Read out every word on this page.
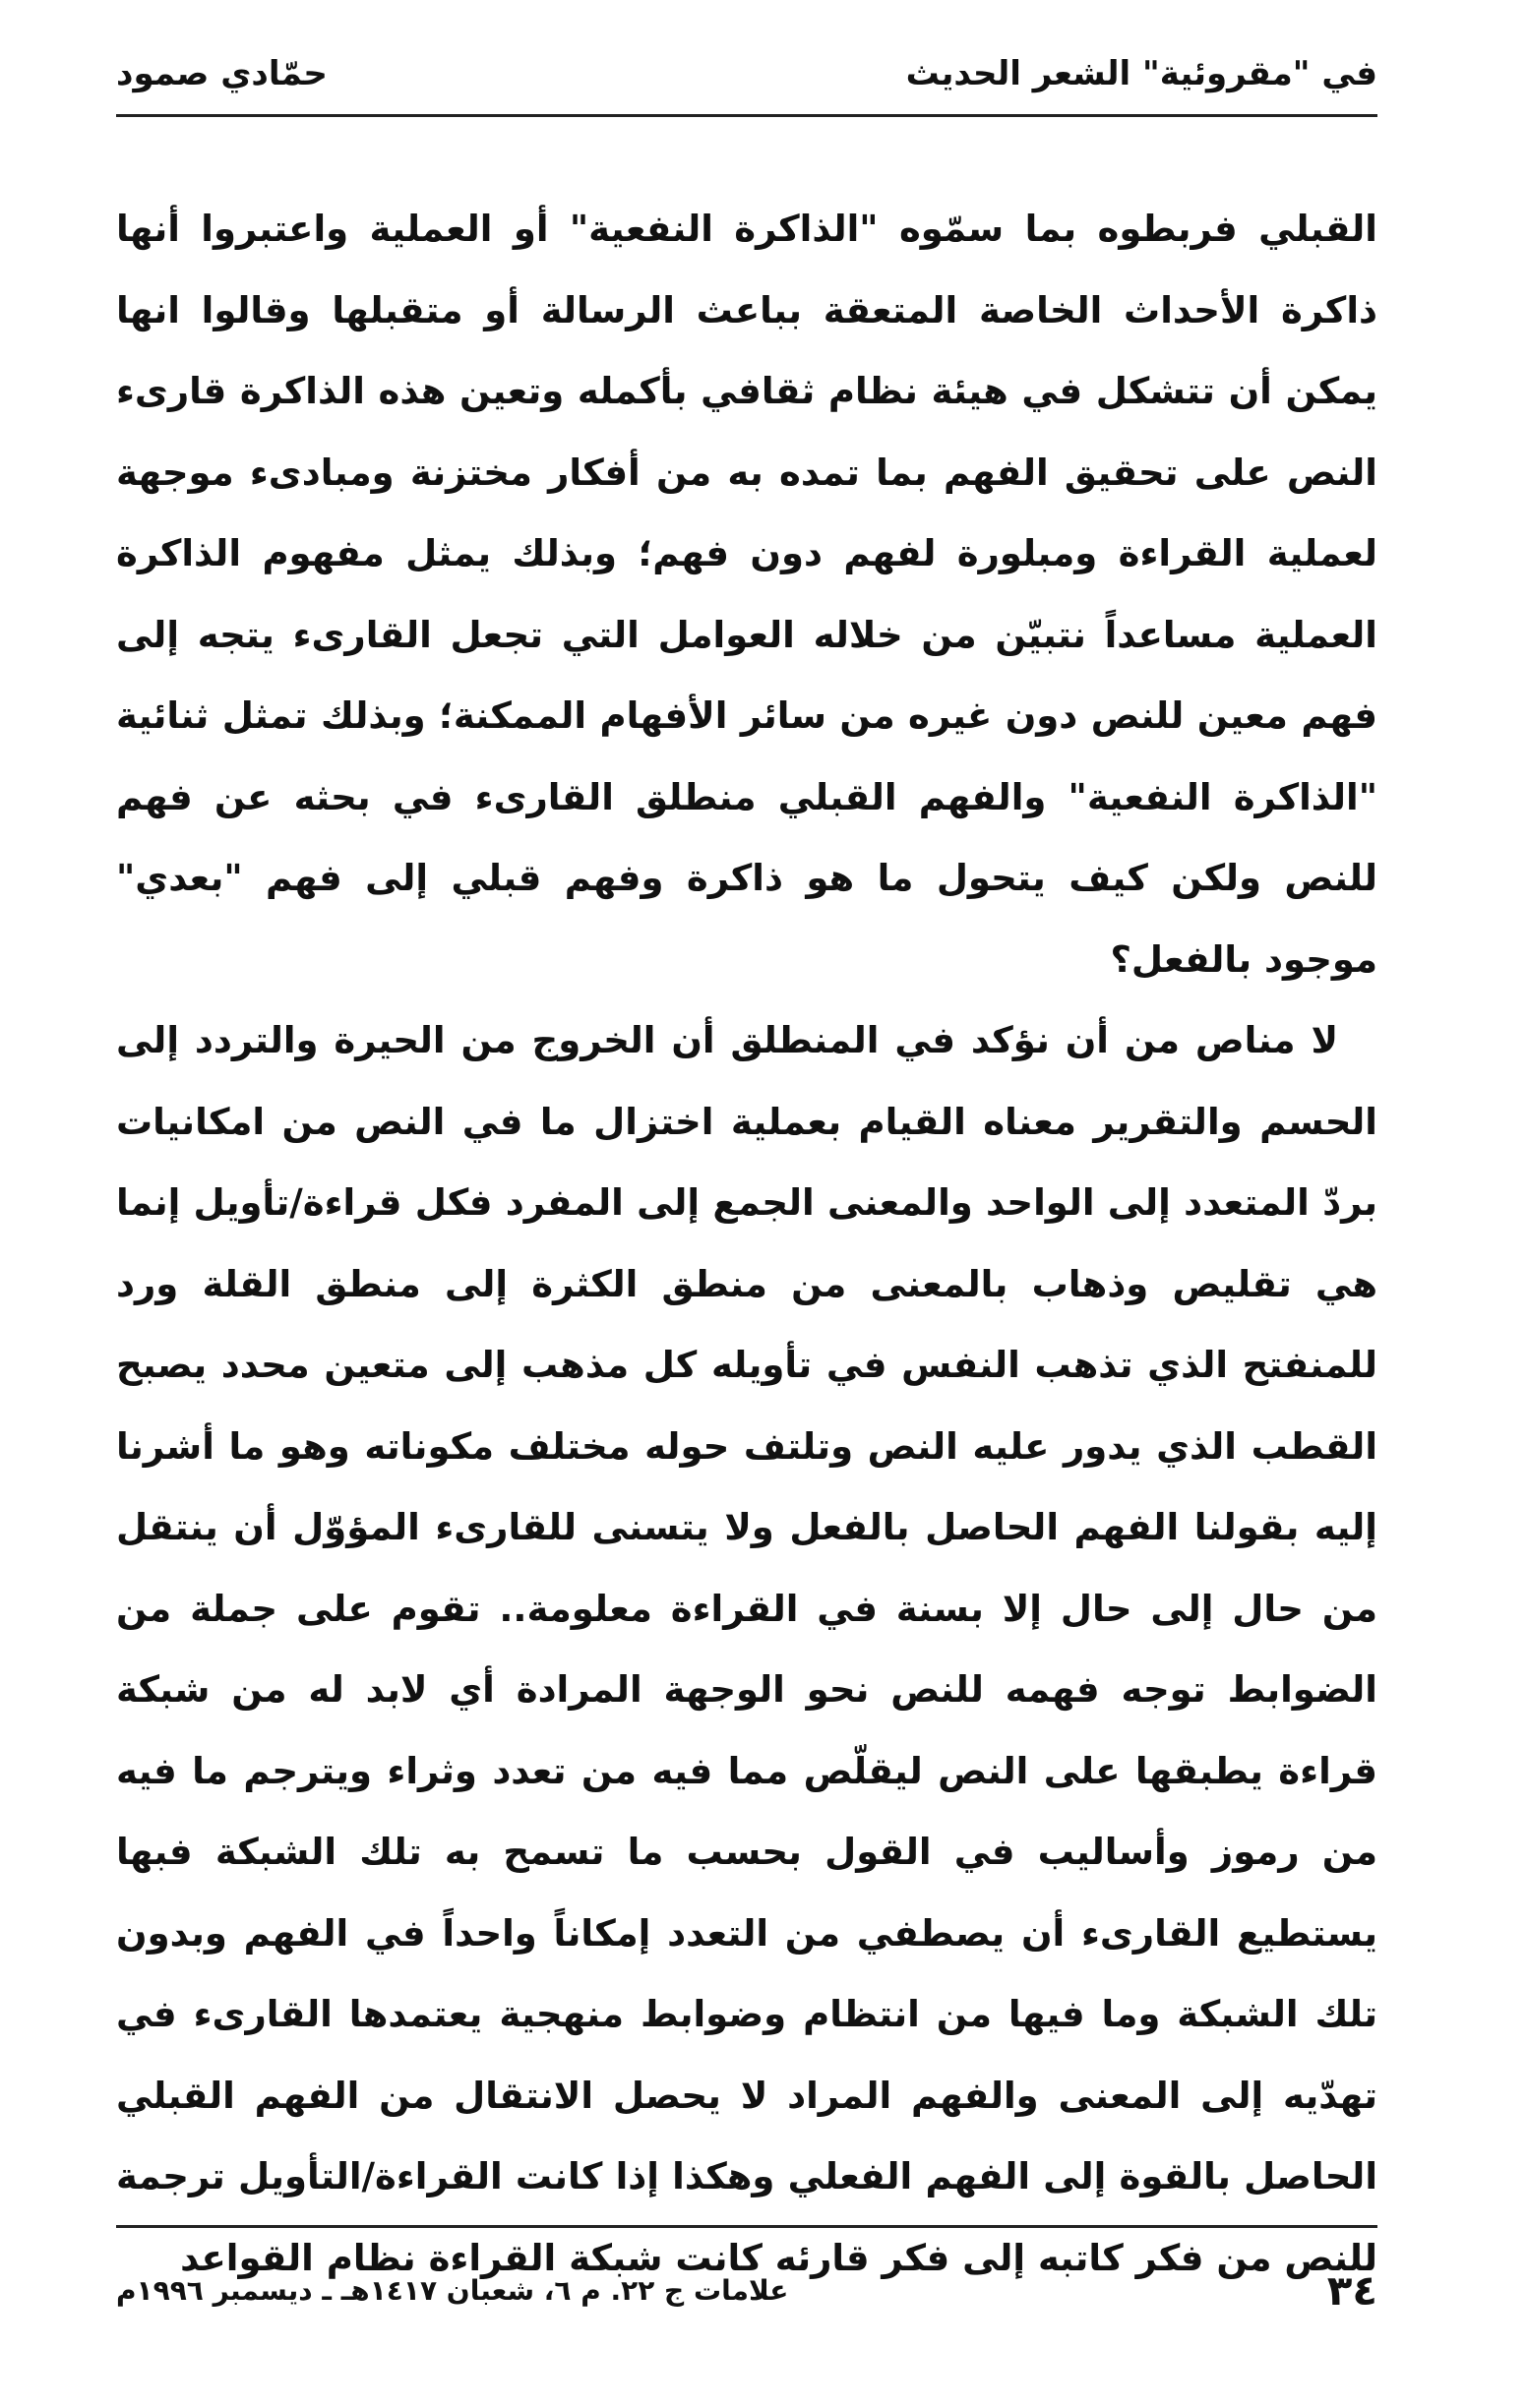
في "مقروئية" الشعر الحديث
حمّادي صمود

القبلي فربطوه بما سمّوه "الذاكرة النفعية" أو العملية واعتبروا أنها ذاكرة الأحداث الخاصة المتعقة بباعث الرسالة أو متقبلها وقالوا انها يمكن أن تتشكل في هيئة نظام ثقافي بأكمله وتعين هذه الذاكرة قارىء النص على تحقيق الفهم بما تمده به من أفكار مختزنة ومبادىء موجهة لعملية القراءة ومبلورة لفهم دون فهم؛ وبذلك يمثل مفهوم الذاكرة العملية مساعداً نتبيّن من خلاله العوامل التي تجعل القارىء يتجه إلى فهم معين للنص دون غيره من سائر الأفهام الممكنة؛ وبذلك تمثل ثنائية "الذاكرة النفعية" والفهم القبلي منطلق القارىء في بحثه عن فهم للنص ولكن كيف يتحول ما هو ذاكرة وفهم قبلي إلى فهم "بعدي" موجود بالفعل؟

لا مناص من أن نؤكد في المنطلق أن الخروج من الحيرة والتردد إلى الحسم والتقرير معناه القيام بعملية اختزال ما في النص من امكانيات بردّ المتعدد إلى الواحد والمعنى الجمع إلى المفرد فكل قراءة/تأويل إنما هي تقليص وذهاب بالمعنى من منطق الكثرة إلى منطق القلة ورد للمنفتح الذي تذهب النفس في تأويله كل مذهب إلى متعين محدد يصبح القطب الذي يدور عليه النص وتلتف حوله مختلف مكوناته وهو ما أشرنا إليه بقولنا الفهم الحاصل بالفعل ولا يتسنى للقارىء المؤوّل أن ينتقل من حال إلى حال إلا بسنة في القراءة معلومة.. تقوم على جملة من الضوابط توجه فهمه للنص نحو الوجهة المرادة أي لابد له من شبكة قراءة يطبقها على النص ليقلّص مما فيه من تعدد وثراء ويترجم ما فيه من رموز وأساليب في القول بحسب ما تسمح به تلك الشبكة فبها يستطيع القارىء أن يصطفي من التعدد إمكاناً واحداً في الفهم وبدون تلك الشبكة وما فيها من انتظام وضوابط منهجية يعتمدها القارىء في تهدّيه إلى المعنى والفهم المراد لا يحصل الانتقال من الفهم القبلي الحاصل بالقوة إلى الفهم الفعلي وهكذا إذا كانت القراءة/التأويل ترجمة للنص من فكر كاتبه إلى فكر قارئه كانت شبكة القراءة نظام القواعد

٣٤
علامات ج ٢٢. م ٦، شعبان ١٤١٧هـ ـ ديسمبر ١٩٩٦م
